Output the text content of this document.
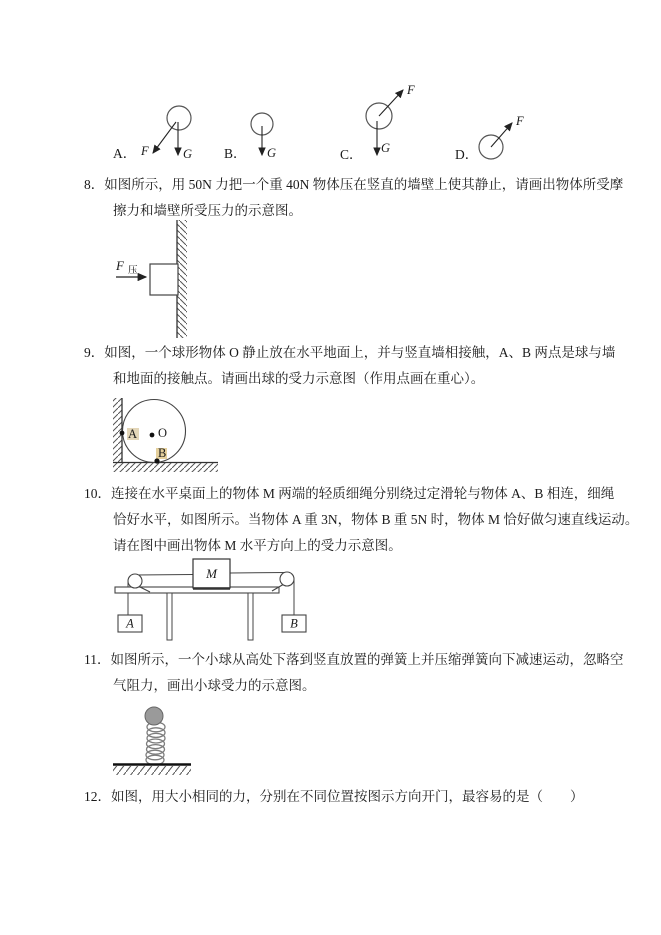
A． F	G B． G	C．
F
G	D．
F
8．如图所示，用 50N 力把一个重 40N 物体压在竖直的墙壁上使其静止，请画出物体所受摩
擦力和墙壁所受压力的示意图。
F 压
9．如图，一个球形物体 O 静止放在水平地面上，并与竖直墙相接触，A、B 两点是球与墙
和地面的接触点。请画出球的受力示意图（作用点画在重心）。
A O
B
10．连接在水平桌面上的物体 M 两端的轻质细绳分别绕过定滑轮与物体 A、B 相连，细绳
恰好水平，如图所示。当物体 A 重 3N，物体 B 重 5N 时，物体 M 恰好做匀速直线运动。
请在图中画出物体 M 水平方向上的受力示意图。
M
A	B
11．如图所示，一个小球从高处下落到竖直放置的弹簧上并压缩弹簧向下减速运动，忽略空
气阻力，画出小球受力的示意图。
12．如图，用大小相同的力，分别在不同位置按图示方向开门，最容易的是（　　）
